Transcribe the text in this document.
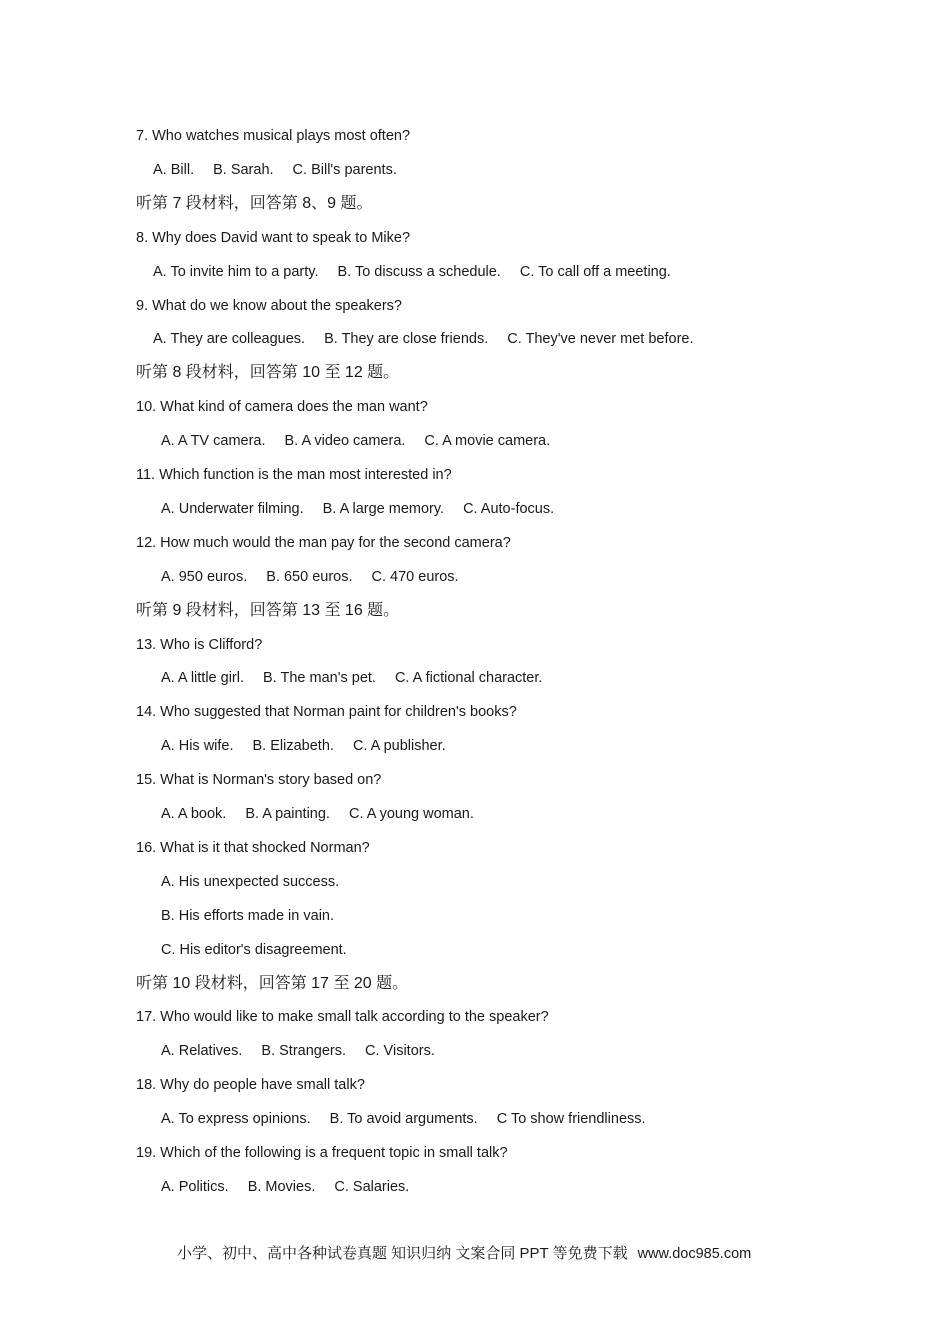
7. Who watches musical plays most often?
A. Bill. B. Sarah. C. Bill's parents.
听第 7 段材料，回答第 8、9 题。
8. Why does David want to speak to Mike?
A. To invite him to a party. B. To discuss a schedule. C. To call off a meeting.
9. What do we know about the speakers?
A. They are colleagues. B. They are close friends. C. They've never met before.
听第 8 段材料，回答第 10 至 12 题。
10. What kind of camera does the man want?
A. A TV camera. B. A video camera. C. A movie camera.
11. Which function is the man most interested in?
A. Underwater filming. B. A large memory. C. Auto-focus.
12. How much would the man pay for the second camera?
A. 950 euros. B. 650 euros. C. 470 euros.
听第 9 段材料，回答第 13 至 16 题。
13. Who is Clifford?
A. A little girl. B. The man's pet. C. A fictional character.
14. Who suggested that Norman paint for children's books?
A. His wife. B. Elizabeth. C. A publisher.
15. What is Norman's story based on?
A. A book. B. A painting. C. A young woman.
16. What is it that shocked Norman?
A. His unexpected success.
B. His efforts made in vain.
C. His editor's disagreement.
听第 10 段材料，回答第 17 至 20 题。
17. Who would like to make small talk according to the speaker?
A. Relatives. B. Strangers. C. Visitors.
18. Why do people have small talk?
A. To express opinions. B. To avoid arguments. C To show friendliness.
19. Which of the following is a frequent topic in small talk?
A. Politics. B. Movies. C. Salaries.
小学、初中、高中各种试卷真题 知识归纳 文案合同 PPT 等免费下载 www.doc985.com
